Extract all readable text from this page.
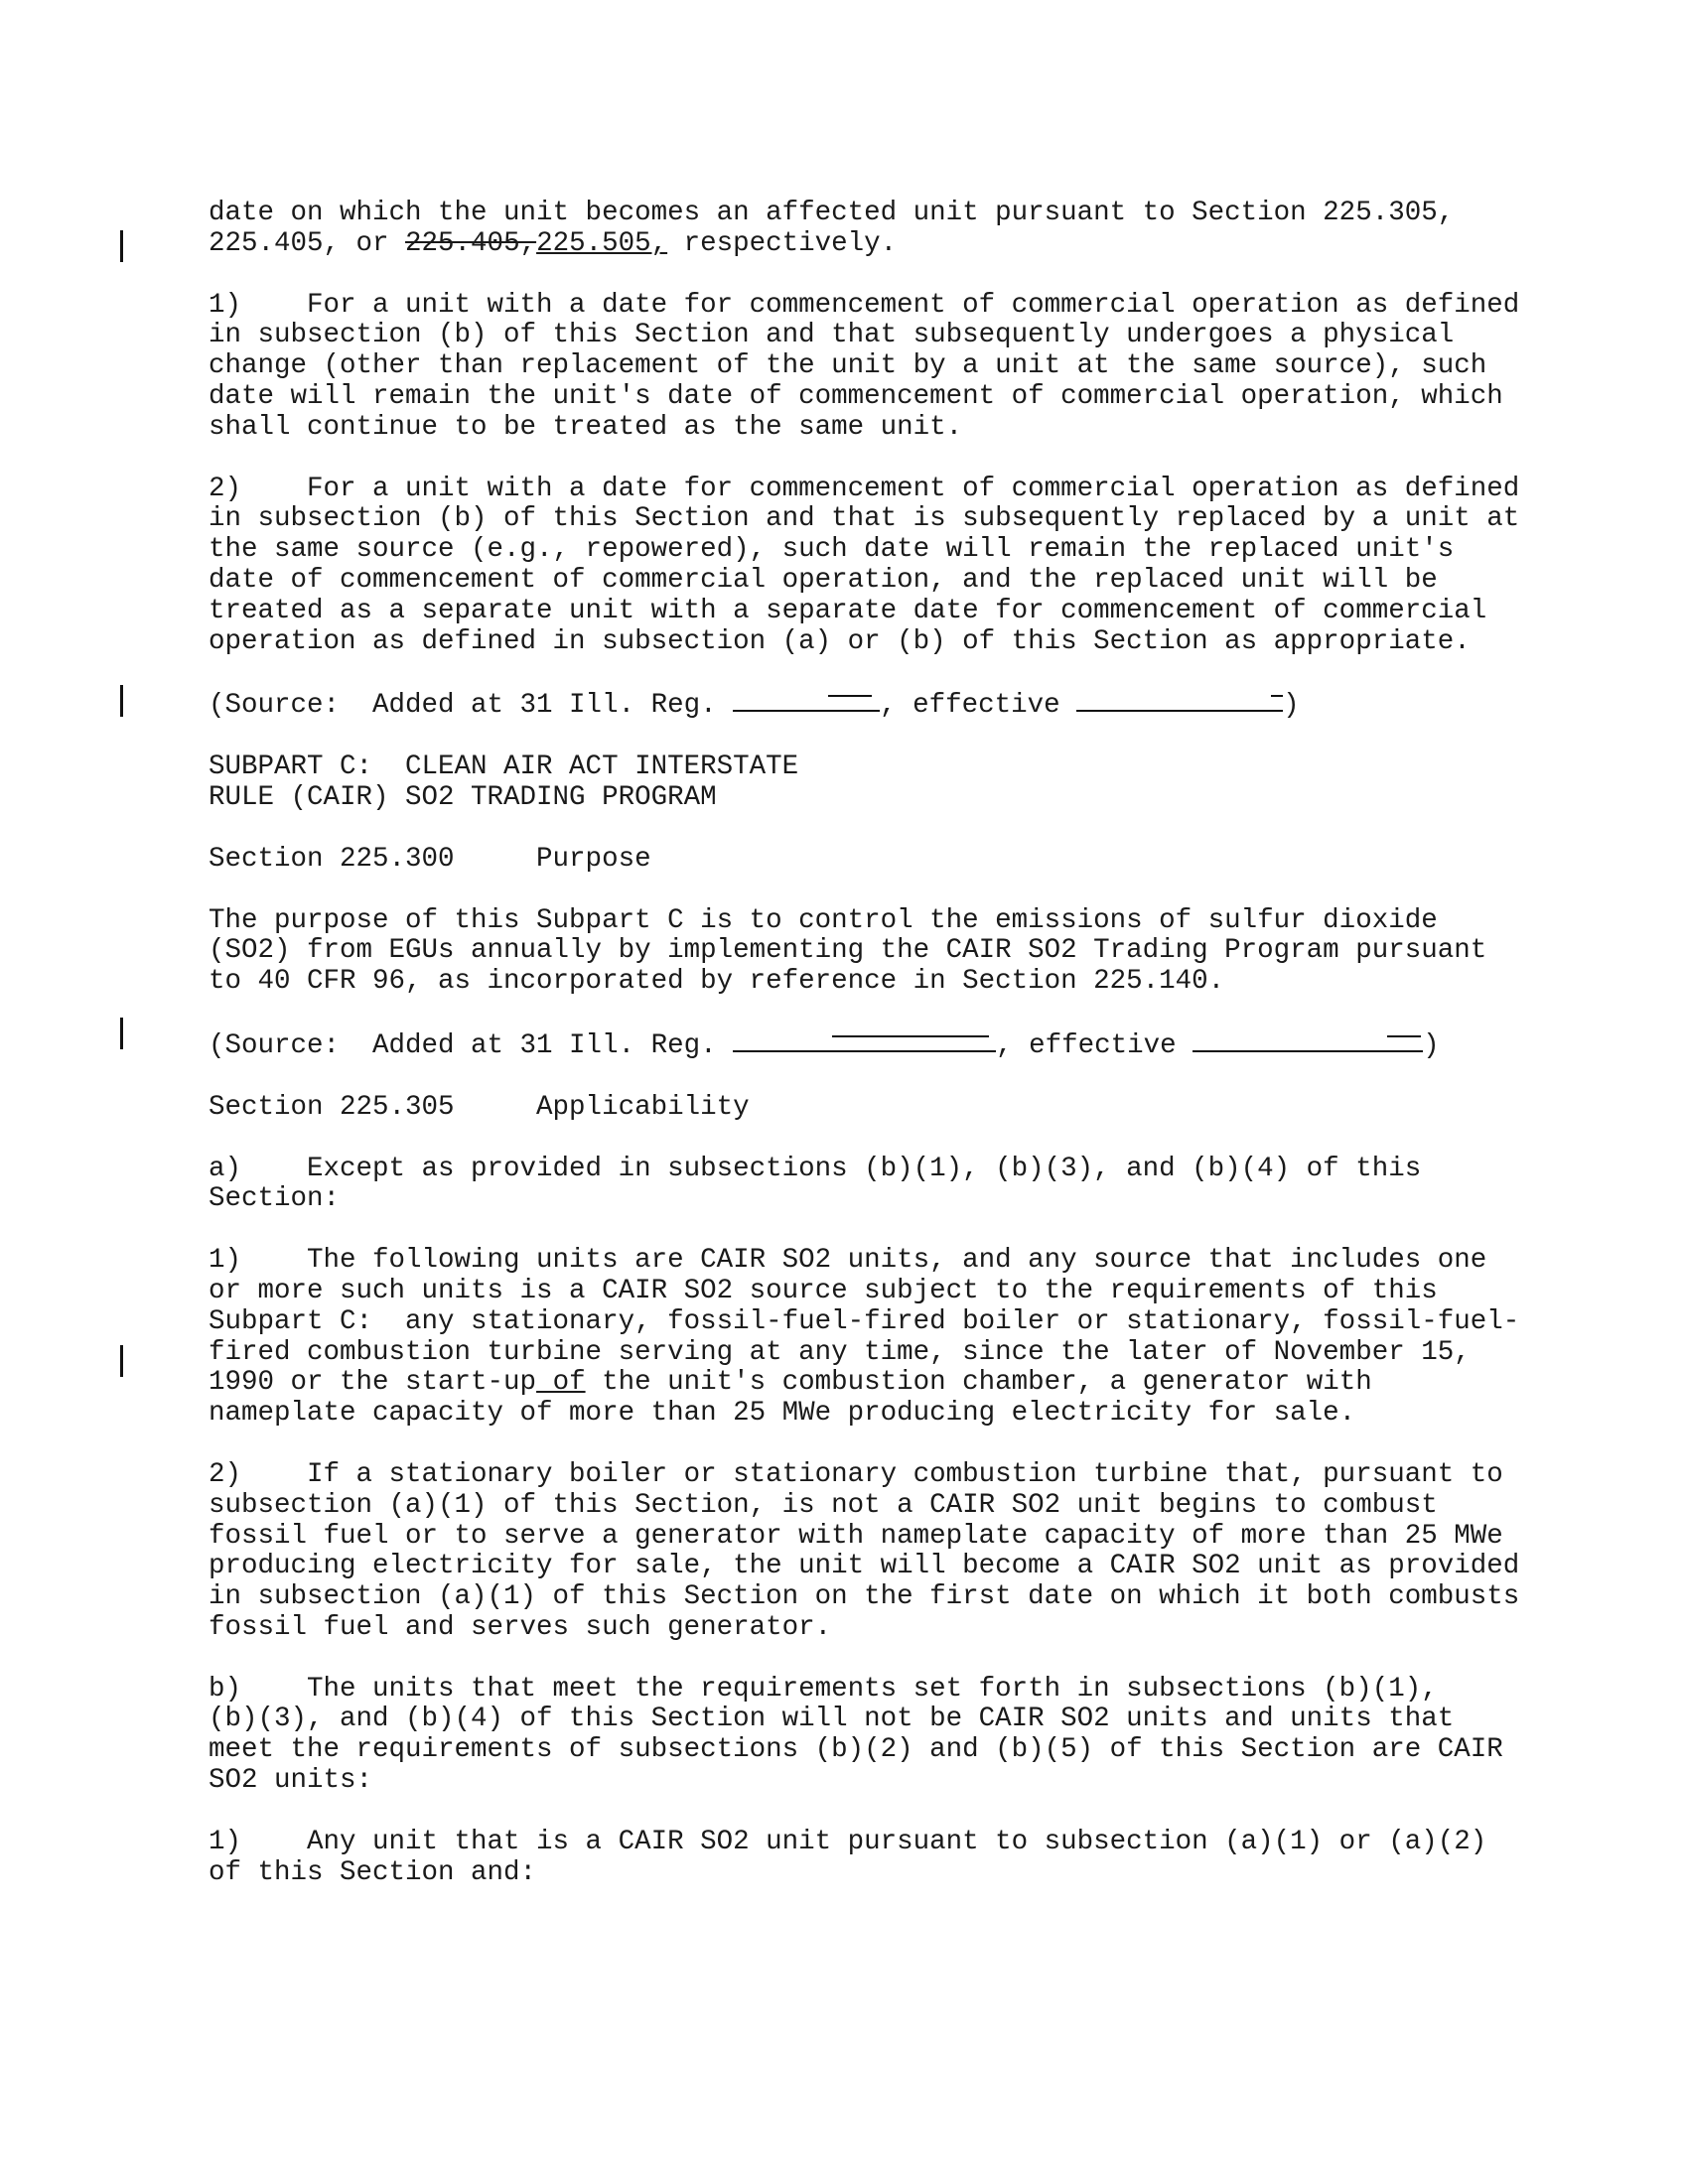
date on which the unit becomes an affected unit pursuant to Section 225.305,
225.405, or 225.405,225.505, respectively.
1)    For a unit with a date for commencement of commercial operation as defined
in subsection (b) of this Section and that subsequently undergoes a physical
change (other than replacement of the unit by a unit at the same source), such
date will remain the unit's date of commencement of commercial operation, which
shall continue to be treated as the same unit.
2)    For a unit with a date for commencement of commercial operation as defined
in subsection (b) of this Section and that is subsequently replaced by a unit at
the same source (e.g., repowered), such date will remain the replaced unit's
date of commencement of commercial operation, and the replaced unit will be
treated as a separate unit with a separate date for commencement of commercial
operation as defined in subsection (a) or (b) of this Section as appropriate.
(Source:  Added at 31 Ill. Reg.	, effective	)
SUBPART C:  CLEAN AIR ACT INTERSTATE
RULE (CAIR) SO2 TRADING PROGRAM
Section 225.300     Purpose
The purpose of this Subpart C is to control the emissions of sulfur dioxide
(SO2) from EGUs annually by implementing the CAIR SO2 Trading Program pursuant
to 40 CFR 96, as incorporated by reference in Section 225.140.
(Source:  Added at 31 Ill. Reg.	, effective	)
Section 225.305     Applicability
a)    Except as provided in subsections (b)(1), (b)(3), and (b)(4) of this
Section:
1)    The following units are CAIR SO2 units, and any source that includes one
or more such units is a CAIR SO2 source subject to the requirements of this
Subpart C:  any stationary, fossil-fuel-fired boiler or stationary, fossil-fuel-
fired combustion turbine serving at any time, since the later of November 15,
1990 or the start-up of the unit's combustion chamber, a generator with
nameplate capacity of more than 25 MWe producing electricity for sale.
2)    If a stationary boiler or stationary combustion turbine that, pursuant to
subsection (a)(1) of this Section, is not a CAIR SO2 unit begins to combust
fossil fuel or to serve a generator with nameplate capacity of more than 25 MWe
producing electricity for sale, the unit will become a CAIR SO2 unit as provided
in subsection (a)(1) of this Section on the first date on which it both combusts
fossil fuel and serves such generator.
b)    The units that meet the requirements set forth in subsections (b)(1),
(b)(3), and (b)(4) of this Section will not be CAIR SO2 units and units that
meet the requirements of subsections (b)(2) and (b)(5) of this Section are CAIR
SO2 units:
1)    Any unit that is a CAIR SO2 unit pursuant to subsection (a)(1) or (a)(2)
of this Section and:
